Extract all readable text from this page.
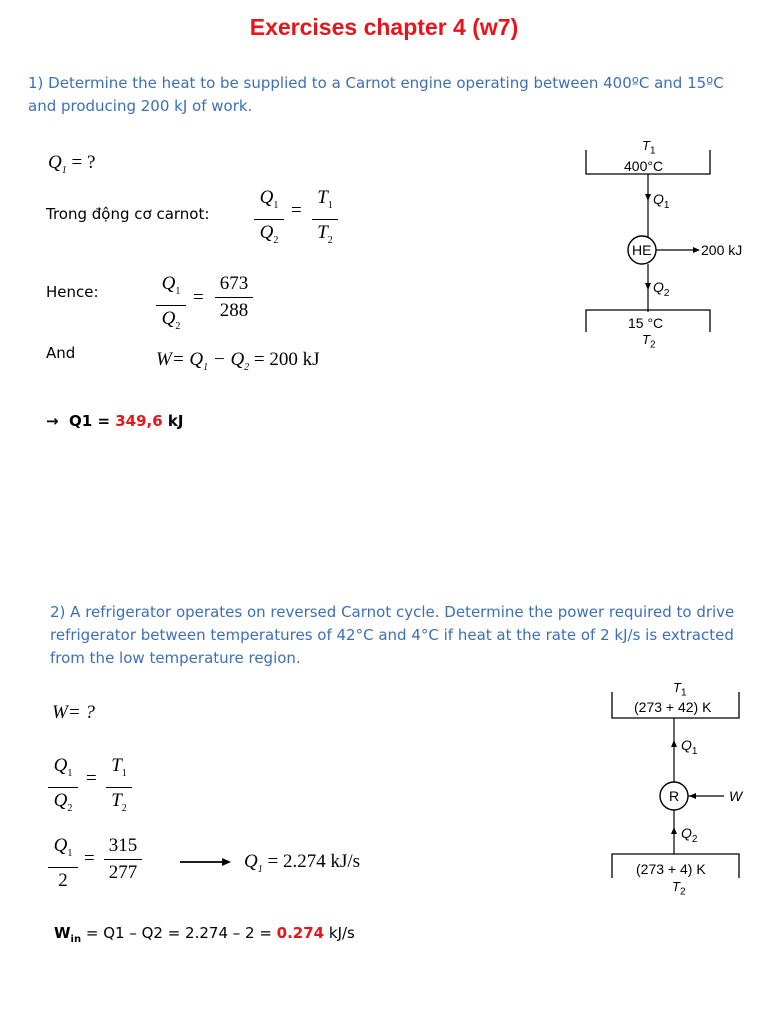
Exercises chapter 4 (w7)
1) Determine the heat to be supplied to a Carnot engine operating between 400ºC and 15ºC and producing 200 kJ of work.
$Q_1$ = ?
Trong động cơ carnot:
$Q_1$
$Q_2$
=
$T_1$
$T_2$
Hence:	$Q_1$
$Q_2$
=
673
288
And	$W= Q_1 - Q_2 = 200$ kJ
→ Q1 = 349,6 kJ
$T_1$
400°C
$Q_1$
HE	200 kJ
$Q_2$
15 °C
$T_2$
2) A refrigerator operates on reversed Carnot cycle. Determine the power required to drive refrigerator between temperatures of 42°C and 4°C if heat at the rate of 2 kJ/s is extracted from the low temperature region.
W= ?
$Q_1$
$Q_2$
=
$T_1$
$T_2$
$Q_1$
2
=
315
277
$Q_1 = 2.274$ kJ/s
$W_{in} = Q1 - Q2 = 2.274 - 2 = 0.274$ kJ/s
$T_1$
(273 + 42) K
$Q_1$
R	W
$Q_2$
(273 + 4) K
$T_2$
